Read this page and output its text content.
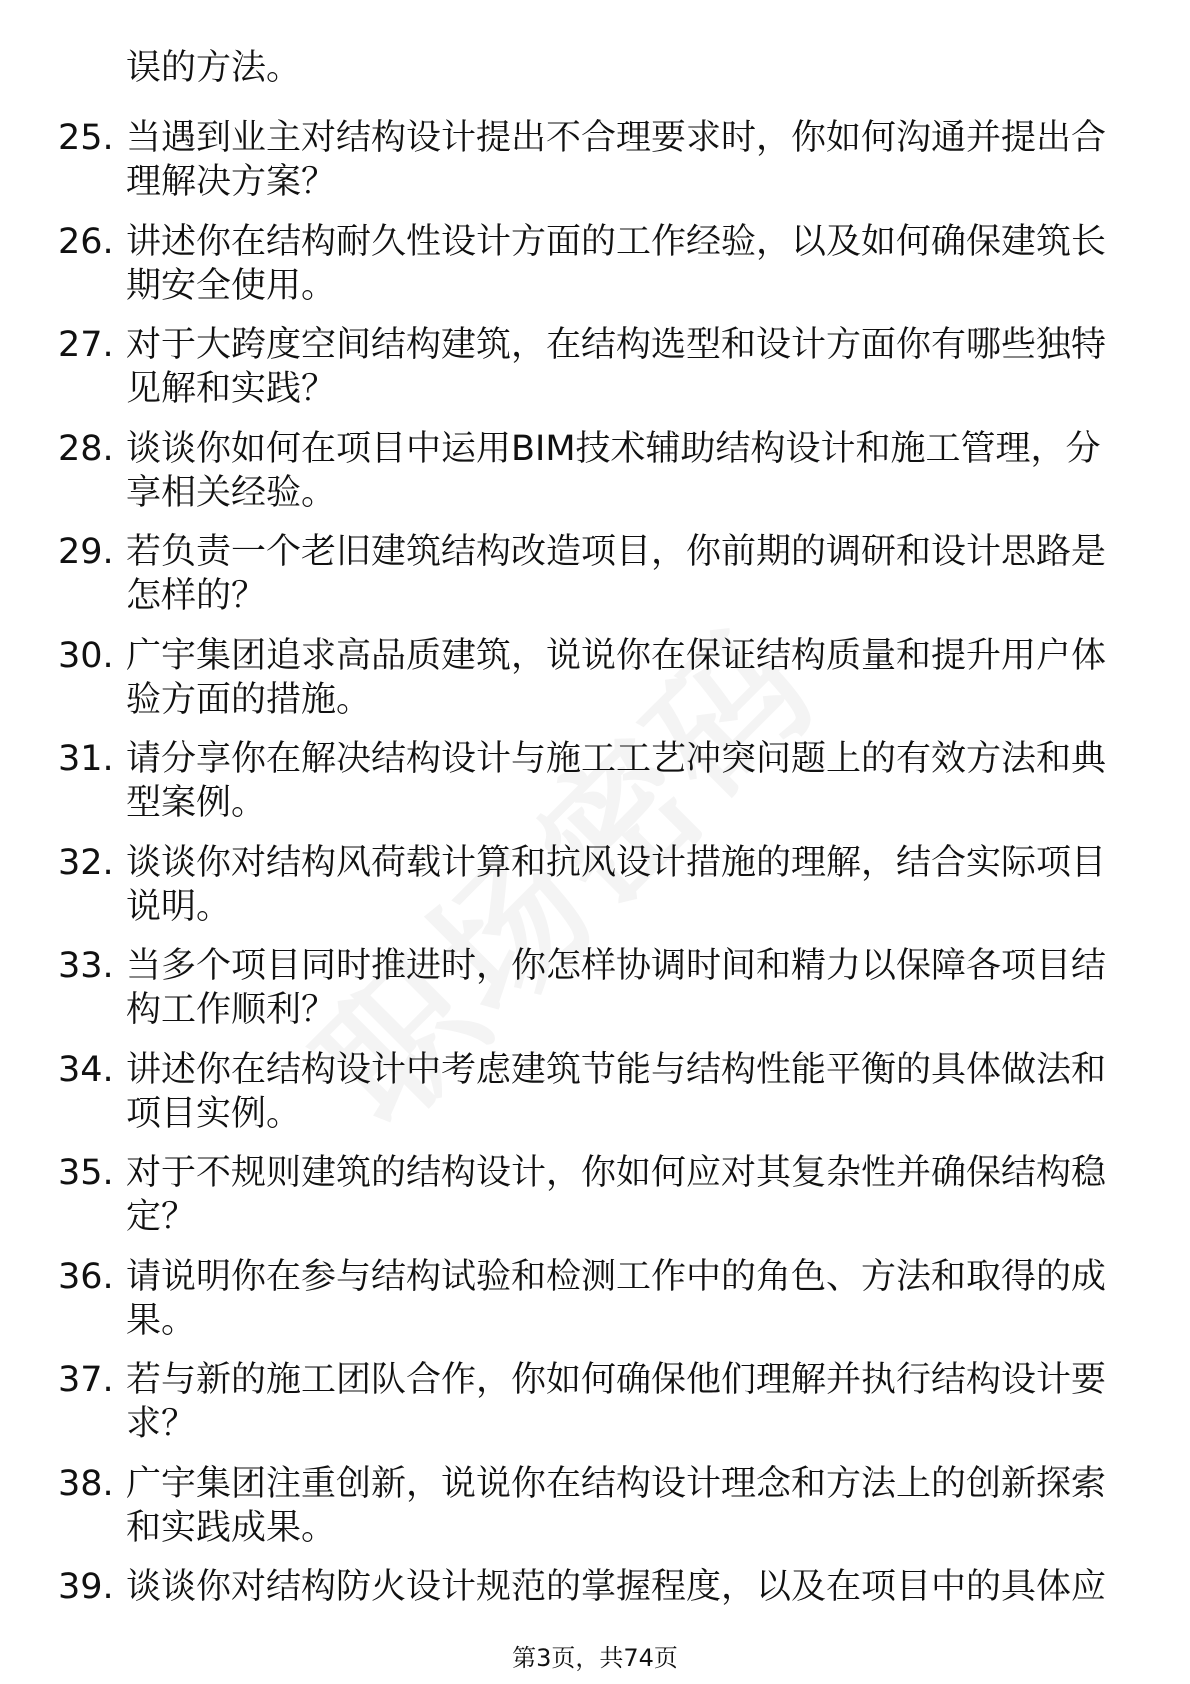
误的方法。
25. 当遇到业主对结构设计提出不合理要求时，你如何沟通并提出合理解决方案？
26. 讲述你在结构耐久性设计方面的工作经验，以及如何确保建筑长期安全使用。
27. 对于大跨度空间结构建筑，在结构选型和设计方面你有哪些独特见解和实践？
28. 谈谈你如何在项目中运用BIM技术辅助结构设计和施工管理，分享相关经验。
29. 若负责一个老旧建筑结构改造项目，你前期的调研和设计思路是怎样的？
30. 广宇集团追求高品质建筑，说说你在保证结构质量和提升用户体验方面的措施。
31. 请分享你在解决结构设计与施工工艺冲突问题上的有效方法和典型案例。
32. 谈谈你对结构风荷载计算和抗风设计措施的理解，结合实际项目说明。
33. 当多个项目同时推进时，你怎样协调时间和精力以保障各项目结构工作顺利？
34. 讲述你在结构设计中考虑建筑节能与结构性能平衡的具体做法和项目实例。
35. 对于不规则建筑的结构设计，你如何应对其复杂性并确保结构稳定？
36. 请说明你在参与结构试验和检测工作中的角色、方法和取得的成果。
37. 若与新的施工团队合作，你如何确保他们理解并执行结构设计要求？
38. 广宇集团注重创新，说说你在结构设计理念和方法上的创新探索和实践成果。
39. 谈谈你对结构防火设计规范的掌握程度，以及在项目中的具体应
第3页，共74页
